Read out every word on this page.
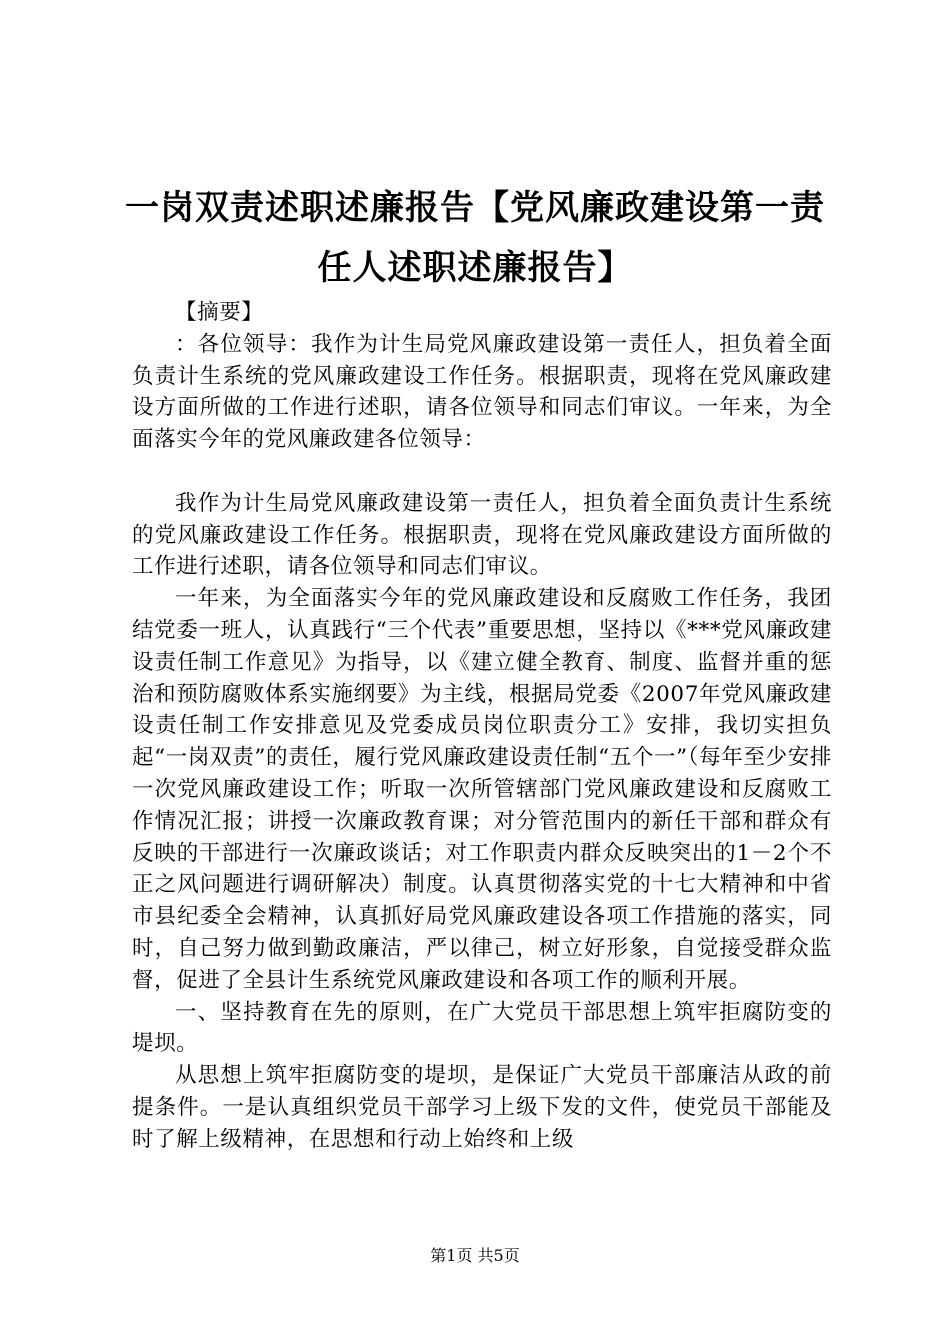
一岗双责述职述廉报告【党风廉政建设第一责任人述职述廉报告】

【摘要】

：各位领导：我作为计生局党风廉政建设第一责任人，担负着全面负责计生系统的党风廉政建设工作任务。根据职责，现将在党风廉政建设方面所做的工作进行述职，请各位领导和同志们审议。一年来，为全面落实今年的党风廉政建各位领导：

我作为计生局党风廉政建设第一责任人，担负着全面负责计生系统的党风廉政建设工作任务。根据职责，现将在党风廉政建设方面所做的工作进行述职，请各位领导和同志们审议。

一年来，为全面落实今年的党风廉政建设和反腐败工作任务，我团结党委一班人，认真践行“三个代表”重要思想，坚持以《***党风廉政建设责任制工作意见》为指导，以《建立健全教育、制度、监督并重的惩治和预防腐败体系实施纲要》为主线，根据局党委《2007年党风廉政建设责任制工作安排意见及党委成员岗位职责分工》安排，我切实担负起“一岗双责”的责任，履行党风廉政建设责任制“五个一”（每年至少安排一次党风廉政建设工作；听取一次所管辖部门党风廉政建设和反腐败工作情况汇报；讲授一次廉政教育课；对分管范围内的新任干部和群众有反映的干部进行一次廉政谈话；对工作职责内群众反映突出的1－2个不正之风问题进行调研解决）制度。认真贯彻落实党的十七大精神和中省市县纪委全会精神，认真抓好局党风廉政建设各项工作措施的落实，同时，自己努力做到勤政廉洁，严以律己，树立好形象，自觉接受群众监督，促进了全县计生系统党风廉政建设和各项工作的顺利开展。

一、坚持教育在先的原则，在广大党员干部思想上筑牢拒腐防变的堤坝。

从思想上筑牢拒腐防变的堤坝，是保证广大党员干部廉洁从政的前提条件。一是认真组织党员干部学习上级下发的文件，使党员干部能及时了解上级精神，在思想和行动上始终和上级

第1页 共5页
